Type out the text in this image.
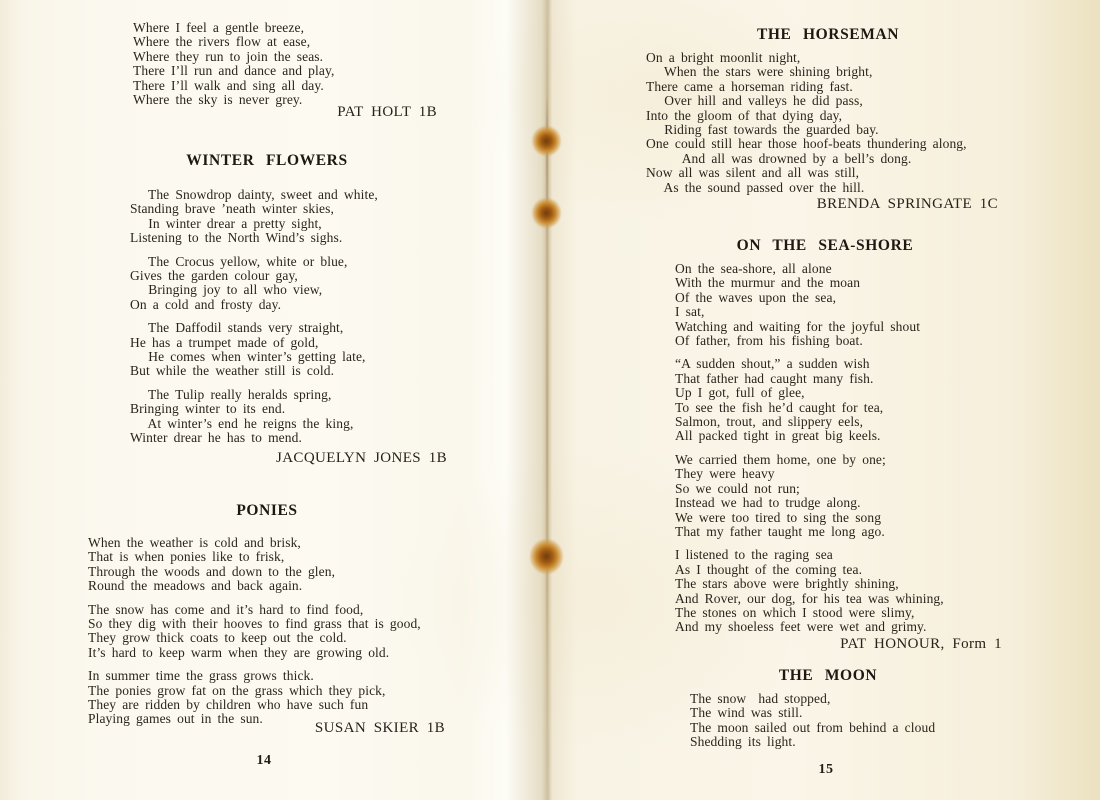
Where I feel a gentle breeze,
Where the rivers flow at ease,
Where they run to join the seas.
There I’ll run and dance and play,
There I’ll walk and sing all day.
Where the sky is never grey.
PAT HOLT 1B
WINTER FLOWERS
The Snowdrop dainty, sweet and white,
Standing brave ’neath winter skies,
In winter drear a pretty sight,
Listening to the North Wind’s sighs.
The Crocus yellow, white or blue,
Gives the garden colour gay,
Bringing joy to all who view,
On a cold and frosty day.
The Daffodil stands very straight,
He has a trumpet made of gold,
He comes when winter’s getting late,
But while the weather still is cold.
The Tulip really heralds spring,
Bringing winter to its end.
At winter’s end he reigns the king,
Winter drear he has to mend.
JACQUELYN JONES 1B
PONIES
When the weather is cold and brisk,
That is when ponies like to frisk,
Through the woods and down to the glen,
Round the meadows and back again.
The snow has come and it’s hard to find food,
So they dig with their hooves to find grass that is good,
They grow thick coats to keep out the cold.
It’s hard to keep warm when they are growing old.
In summer time the grass grows thick.
The ponies grow fat on the grass which they pick,
They are ridden by children who have such fun
Playing games out in the sun.
SUSAN SKIER 1B
14
THE HORSEMAN
On a bright moonlit night,
When the stars were shining bright,
There came a horseman riding fast.
Over hill and valleys he did pass,
Into the gloom of that dying day,
Riding fast towards the guarded bay.
One could still hear those hoof-beats thundering along,
And all was drowned by a bell’s dong.
Now all was silent and all was still,
As the sound passed over the hill.
BRENDA SPRINGATE 1C
ON THE SEA-SHORE
On the sea-shore, all alone
With the murmur and the moan
Of the waves upon the sea,
I sat,
Watching and waiting for the joyful shout
Of father, from his fishing boat.
“A sudden shout,” a sudden wish
That father had caught many fish.
Up I got, full of glee,
To see the fish he’d caught for tea,
Salmon, trout, and slippery eels,
All packed tight in great big keels.
We carried them home, one by one;
They were heavy
So we could not run;
Instead we had to trudge along.
We were too tired to sing the song
That my father taught me long ago.
I listened to the raging sea
As I thought of the coming tea.
The stars above were brightly shining,
And Rover, our dog, for his tea was whining,
The stones on which I stood were slimy,
And my shoeless feet were wet and grimy.
PAT HONOUR, Form 1
THE MOON
The snow  had stopped,
The wind was still.
The moon sailed out from behind a cloud
Shedding its light.
15
